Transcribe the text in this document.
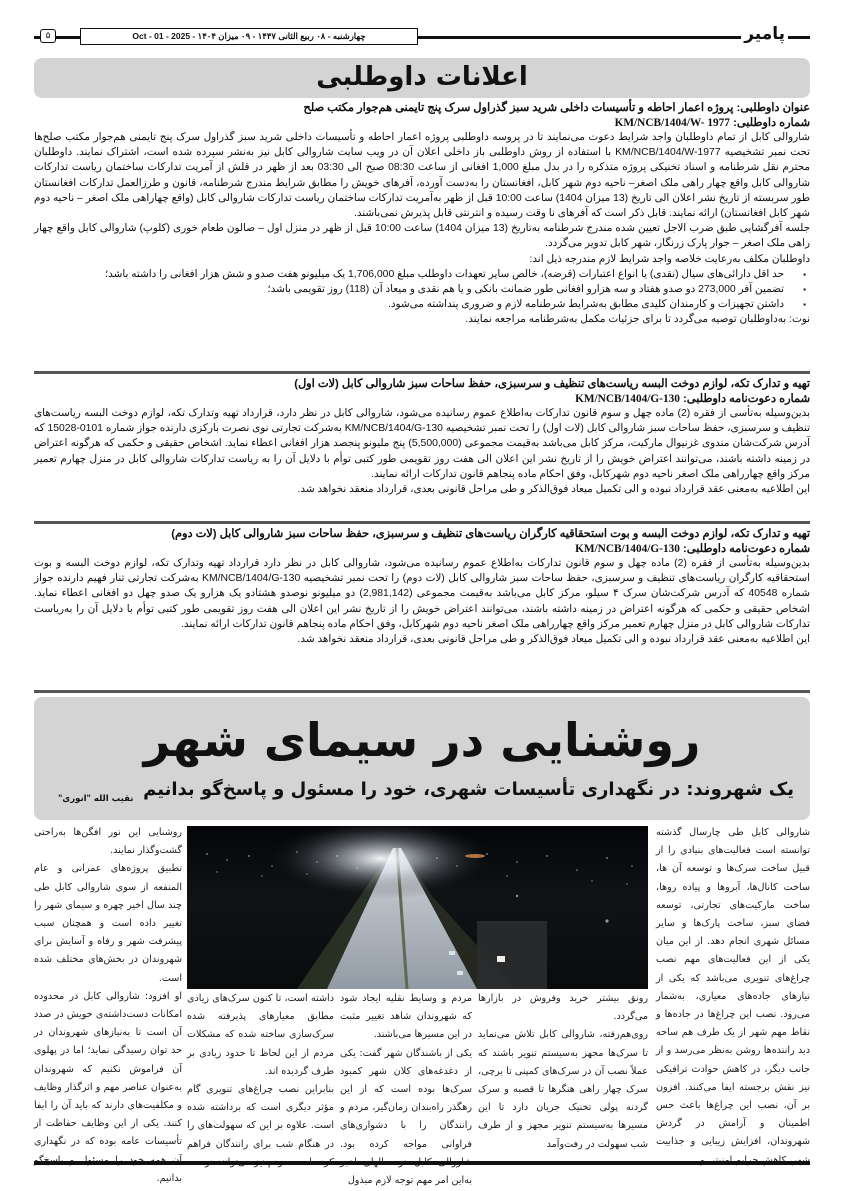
۵	چهارشنبه - ۰۸ ربیع الثانی ۱۴۴۷ - ۰۹ میزان ۱۴۰۴ - Oct - 01 - 2025	پامیر
اعلانات داوطلبی
عنوان داوطلبی: پروژه اعمار احاطه و تأسیسات داخلی شرید سبز گذراول سرک پنج تایمنی هم‌جوار مکتب صلح
شماره داوطلبی: KM/NCB/1404/W- 1977

شاروالی کابل از تمام داوطلبان واجد شرایط دعوت می‌نمایند تا در پروسه داوطلبی پروژه اعمار احاطه و تأسیسات داخلی شرید سبز گذراول سرک پنج تایمنی هم‌جوار مکتب صلح‌ها تحت نمبر تشخیصیه KM/NCB/1404/W-1977 با استفاده از روش داوطلبی باز داخلی اعلان آن در ویب سایت شاروالی کابل نیز به‌نشر سپرده شده است، اشتراک نمایند. داوطلبان محترم نقل شرطنامه و اسناد تخنیکی پروژه متذکره را در بدل مبلغ 1,000 افغانی از ساعت 08:30 صبح الی 03:30 بعد از ظهر در قلش از آمریت تدارکات ساختمان ریاست تدارکات شاروالی کابل واقع چهار راهی ملک اصغر– ناحیه دوم شهر کابل، افغانستان را به‌دست آورده، آفرهای خویش را مطابق شرایط مندرج شرطنامه، قانون و طرزالعمل تدارکات افغانستان طور سربسته از تاریخ نشر اعلان الی تاریخ (13 میزان 1404) ساعت 10:00 قبل از ظهر به‌آمریت تدارکات ساختمان ریاست تدارکات شاروالی کابل (واقع چهاراهی ملک اصغر – ناحیه دوم شهر کابل افغانستان) ارائه نمایند. قابل ذکر است که آفرهای نا وقت رسیده و انترنتی قابل پذیرش نمی‌باشند.

جلسه آفرگشایی طبق ضرب الاجل تعیین شده مندرج شرطنامه به‌تاریخ (13 میزان 1404) ساعت 10:00 قبل از ظهر در منزل اول – صالون طعام خوری (کلوپ) شاروالی کابل واقع چهار راهی ملک اصغر – جوار پارک زرنگار، شهر کابل تدویر می‌گردد.

داوطلبان مکلف به‌رعایت خلاصه واجد شرایط لازم مندرجه ذیل اند:

▪ حد اقل دارائی‌های سیال (نقدی) یا انواع اعتبارات (قرضه)، خالص سایر تعهدات داوطلب مبلغ 1,706,000 یک میلیونو هفت صدو و شش هزار افغانی را داشته باشد؛
▪ تضمین آفر 273,000 دو صدو هفتاد و سه هزارو افغانی طور ضمانت بانکی و یا هم نقدی و میعاد آن (118) روز تقویمی باشد؛
▪ داشتن تجهیزات و کارمندان کلیدی مطابق به‌شرایط شرطنامه لازم و ضروری پنداشته می‌شود.

نوت: به‌داوطلبان توصیه می‌گردد تا برای جزئیات مکمل به‌شرطنامه مراجعه نمایند.

تهیه و تدارک تکه، لوازم دوخت البسه ریاست‌های تنظیف و سرسبزی، حفظ ساحات سبز شاروالی کابل (لات اول)
شماره دعوت‌نامه داوطلبی: KM/NCB/1404/G-130

بدین‌وسیله به‌تأسی از فقره (2) ماده چهل و سوم قانون تدارکات به‌اطلاع عموم رسانیده می‌شود، شاروالی کابل در نظر دارد، قرارداد تهیه وتدارک تکه، لوازم دوخت البسه ریاست‌های تنظیف و سرسبزی، حفظ ساحات سبز شاروالی کابل (لات اول) را تحت نمبر تشخیصیه KM/NCB/1404/G-130 به‌شرکت تجارتی نوی نصرت بارکزی دارنده جواز شماره 0101-15028 که آدرس شرکت‌شان مندوی غزنیوال مارکیت، مرکز کابل می‌باشد به‌قیمت مجموعی (5,500,000) پنج ملیونو پنجصد هزار افغانی اعطاء نماید. اشخاص حقیقی و حکمی که هرگونه اعتراض در زمینه داشته باشند، می‌توانند اعتراض خویش را از تاریخ نشر این اعلان الی هفت روز تقویمی طور کتبی توأم با دلایل آن را به ریاست تدارکات شاروالی کابل در منزل چهارم تعمیر مرکز واقع چهارراهی ملک اصغر ناحیه دوم شهرکابل، وفق احکام ماده پنجاهم قانون تدارکات ارائه نمایند.

این اطلاعیه به‌معنی عقد قرارداد نبوده و الی تکمیل میعاد فوق‌الذکر و طی مراحل قانونی بعدی، قرارداد منعقد نخواهد شد.

تهیه و تدارک تکه، لوازم دوخت البسه و بوت استحقاقیه کارگران ریاست‌های تنظیف و سرسبزی، حفظ ساحات سبز شاروالی کابل (لات دوم)
شماره دعوت‌نامه داوطلبی: KM/NCB/1404/G-130

بدین‌وسیله به‌تأسی از فقره (2) ماده چهل و سوم قانون تدارکات به‌اطلاع عموم رسانیده می‌شود، شاروالی کابل در نظر دارد قرارداد تهیه وتدارک تکه، لوازم دوخت البسه و بوت استحقاقیه کارگران ریاست‌های تنظیف و سرسبزی، حفظ ساحات سبز شاروالی کابل (لات دوم) را تحت نمبر تشخیصیه KM/NCB/1404/G-130 به‌شرکت تجارتی تنار فهیم دارنده جواز شماره 40548 که آدرس شرکت‌شان سرک ۴ سیلو، مرکز کابل می‌باشد به‌قیمت مجموعی (2,981,142) دو میلیونو نوصدو هشتادو یک هزارو یک صدو چهل دو افغانی اعطاء نماید. اشخاص حقیقی و حکمی که هرگونه اعتراض در زمینه داشته باشند، می‌توانند اعتراض خویش را از تاریخ نشر این اعلان الی هفت روز تقویمی طور کتبی توأم با دلایل آن را به‌ریاست تدارکات شاروالی کابل در منزل چهارم تعمیر مرکز واقع چهارراهی ملک اصغر ناحیه دوم شهرکابل، وفق احکام ماده پنجاهم قانون تدارکات ارائه نمایند.

این اطلاعیه به‌معنی عقد قرارداد نبوده و الی تکمیل میعاد فوق‌الذکر و طی مراحل قانونی بعدی، قرارداد منعقد نخواهد شد.

روشنایی در سیمای شهر
یک شهروند: در نگهداری تأسیسات شهری، خود را مسئول و پاسخ‌گو بدانیم
نقیب الله "انوری"

شاروالی کابل طی چارسال گذشته توانسته است فعالیت‌های بنیادی را از قبیل ساخت سرک‌ها و توسعه آن ها، ساخت کانال‌ها، آبروها و پیاده روها، ساخت مارکیت‌های تجارتی، توسعه فضای سبز، ساخت پارک‌ها و سایر مسائل شهری انجام دهد. از این میان یکی از این فعالیت‌های مهم نصب چراغ‌های تنویری می‌باشد که یکی از نیازهای جاده‌های معیاری، به‌شمار می‌رود. نصب این چراغ‌ها در جاده‌ها و نقاط مهم شهر از یک طرف هم ساحه دید راننده‌ها روشن به‌نظر می‌رسد و از جانب دیگر، در کاهش حوادث ترافیکی نیز نقش برجسته ایفا می‌کنند. افزون بر آن، نصب این چراغ‌ها باعث حس اطمینان و آرامش در گردش شهروندان، افزایش زیبایی و جذابیت

رونق بیشتر خرید وفروش در بازارها می‌گردد.

روی‌هم‌رفته، شاروالی کابل تلاش می‌نماید تا سرک‌ها مجهز به‌سیستم تنویر باشند که عملاً نصب آن در سرک‌های کمپنی تا برچی، سرک چهار راهی هنگرها تا قصبه و سرک گردنه پولی تخنیک جریان دارد تا این مسیرها به‌سیستم تنویر مجهز و از طرف شب سهولت در رفت‌وآمد

مردم و وسایط نقلیه ایجاد شود که شهروندان شاهد تغییر مثبت در این مسیرها می‌باشند.

یکی از باشندگان شهر گفت: یکی از دغدغه‌های کلان شهر کمبود سرک‌ها بوده است که از این رهگذر راه‌بندان زمان‌گیر، مردم و رانندگان را با دشواری‌های فراوانی مواجه کرده بود. به‌این امر مهم توجه لازم مبذول

داشته است، تا کنون سرک‌های زیادی مطابق معیارهای پذیرفته شده سرک‌سازی ساخته شده که مشکلات مردم از این لحاظ تا حدود زیادی بر طرف گردیده اند.

بنابراین نصب چراغ‌های تنویری گام مؤثر دیگری است که برداشته شده است. علاوه بر این که سهولت‌های را در هنگام شب برای رانندگان فراهم

روشنایی این نور افگن‌ها به‌راحتی گشت‌وگذار نمایند.

تطبیق پروژه‌های عمرانی و عام المنفعه از سوی شاروالی کابل طی چند سال اخیر چهره و سیمای شهر را تغییر داده است و همچنان سبب پیشرفت شهر و رفاه و آسایش برای شهروندان در بخش‌های مختلف شده است.

او افزود: شاروالی کابل در محدوده امکانات دست‌داشته‌ی خویش در صدد آن است تا به‌نیازهای شهروندان در حد توان رسیدگی نماید؛ اما در پهلوی آن فراموش نکنیم که شهروندان به‌عنوان عناصر مهم و اثرگذار وظایف و مکلفیت‌های دارند که باید آن را ایفا کنند. یکی از این وظایف حفاظت از تأسیسات عامه بوده که در نگهداری بدانیم.
